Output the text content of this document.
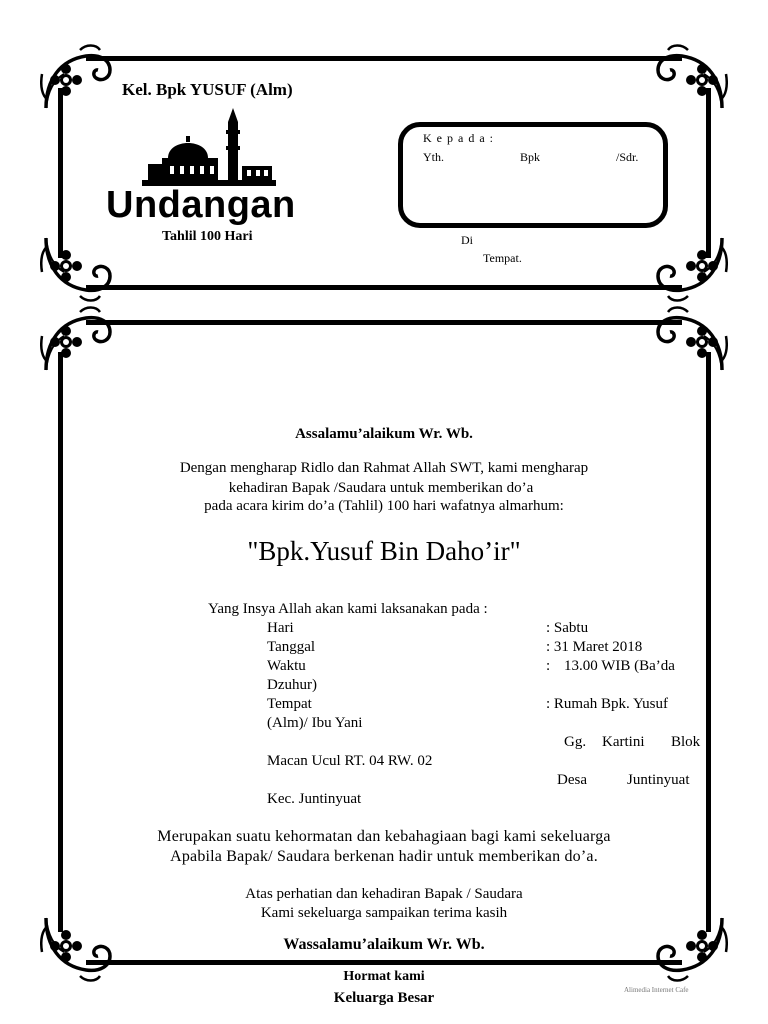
Kel. Bpk YUSUF (Alm)
Undangan
Tahlil 100 Hari
K e p a d a :
Yth.	Bpk	/Sdr.
Di
Tempat.
Assalamu’alaikum Wr. Wb.
Dengan mengharap Ridlo dan Rahmat Allah SWT, kami mengharap
kehadiran Bapak /Saudara untuk memberikan do’a
pada acara kirim do’a (Tahlil) 100 hari wafatnya almarhum:
"Bpk.Yusuf Bin Daho’ir"
Yang Insya Allah akan kami laksanakan pada :
Hari	: Sabtu
Tanggal	: 31 Maret 2018
Waktu	: 13.00 WIB (Ba’da
Dzuhur)
Tempat	: Rumah Bpk. Yusuf
(Alm)/ Ibu Yani
Gg. Kartini Blok
Macan Ucul RT. 04 RW. 02
Desa	Juntinyuat
Kec. Juntinyuat
Merupakan suatu kehormatan dan kebahagiaan bagi kami sekeluarga
Apabila Bapak/ Saudara berkenan hadir untuk memberikan do’a.
Atas perhatian dan kehadiran Bapak / Saudara
Kami sekeluarga sampaikan terima kasih
Wassalamu’alaikum Wr. Wb.
Hormat kami
Keluarga Besar	Alimedia Internet Cafe
